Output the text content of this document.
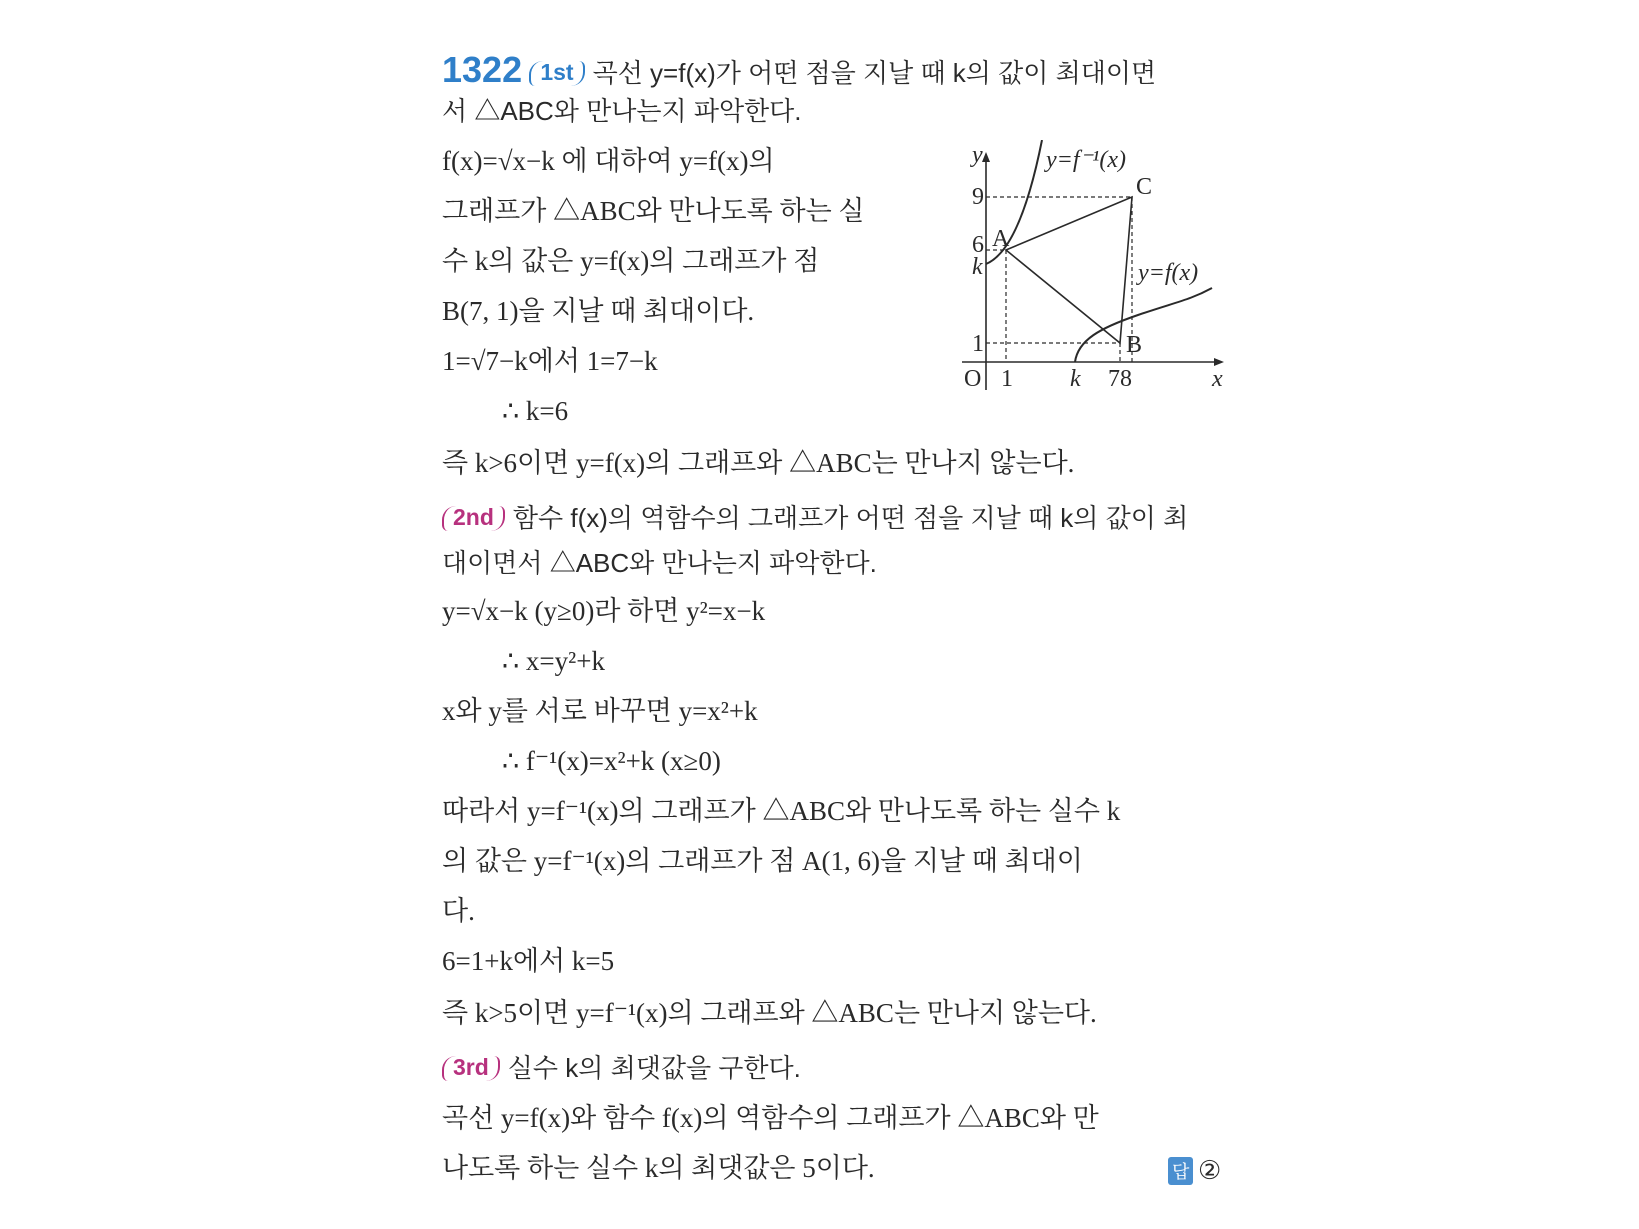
1322 1st 곡선 y=f(x)가 어떤 점을 지날 때 k의 값이 최대이면
서 △ABC와 만나는지 파악한다.
f(x)=√x−k 에 대하여 y=f(x)의
그래프가 △ABC와 만나도록 하는 실
수 k의 값은 y=f(x)의 그래프가 점
B(7, 1)을 지날 때 최대이다.
1=√7−k에서 1=7−k
∴ k=6
즉 k>6이면 y=f(x)의 그래프와 △ABC는 만나지 않는다.
2nd 함수 f(x)의 역함수의 그래프가 어떤 점을 지날 때 k의 값이 최
대이면서 △ABC와 만나는지 파악한다.
y=√x−k (y≥0)라 하면 y²=x−k
∴ x=y²+k
x와 y를 서로 바꾸면 y=x²+k
∴ f⁻¹(x)=x²+k (x≥0)
따라서 y=f⁻¹(x)의 그래프가 △ABC와 만나도록 하는 실수 k
의 값은 y=f⁻¹(x)의 그래프가 점 A(1, 6)을 지날 때 최대이
다.
6=1+k에서 k=5
즉 k>5이면 y=f⁻¹(x)의 그래프와 △ABC는 만나지 않는다.
3rd 실수 k의 최댓값을 구한다.
곡선 y=f(x)와 함수 f(x)의 역함수의 그래프가 △ABC와 만
나도록 하는 실수 k의 최댓값은 5이다.	답 ②
y
x
O
9
6
k
1
1 k 78
A
B
C
y=f⁻¹(x)
y=f(x)
